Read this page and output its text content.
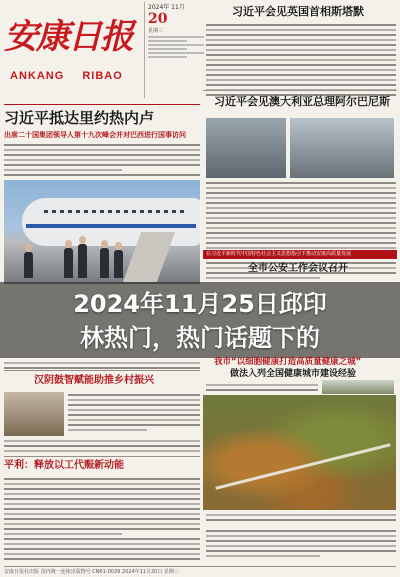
安康日报
ANKANG RIBAO
2024年 11月
20
星期三
习近平抵达里约热内卢
出席二十国集团领导人第十九次峰会并对巴西进行国事访问
汉阴鼓智赋能助推乡村振兴
平利：释放以工代赈新动能
习近平会见英国首相斯塔默
习近平会见澳大利亚总理阿尔巴尼斯
在习近平新时代中国特色社会主义思想指引下推动安康高质量发展
全市公安工作会议召开
2024年11月25日邱印
林热门，热门话题下的
我市“以细胞健康打造高质量健康之城”
做法入列全国健康城市建设经验
安康日报社出版 国内统一连续出版物号 CN61-0039 2024年11月20日 星期三
